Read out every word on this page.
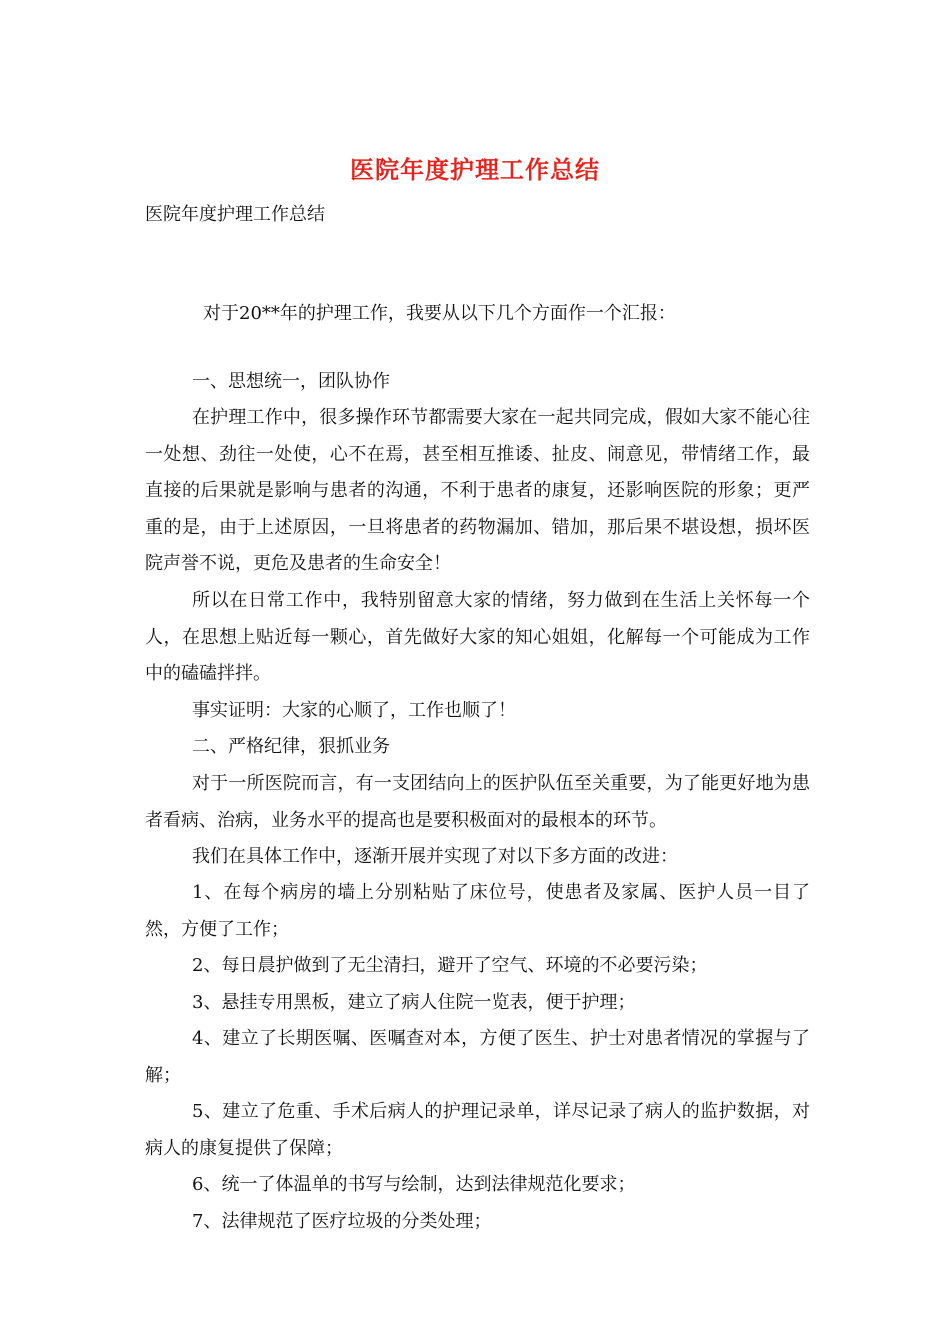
医院年度护理工作总结
医院年度护理工作总结

对于20**年的护理工作，我要从以下几个方面作一个汇报：

一、思想统一，团队协作

在护理工作中，很多操作环节都需要大家在一起共同完成，假如大家不能心往一处想、劲往一处使，心不在焉，甚至相互推诿、扯皮、闹意见，带情绪工作，最直接的后果就是影响与患者的沟通，不利于患者的康复，还影响医院的形象；更严重的是，由于上述原因，一旦将患者的药物漏加、错加，那后果不堪设想，损坏医院声誉不说，更危及患者的生命安全！

所以在日常工作中，我特别留意大家的情绪，努力做到在生活上关怀每一个人，在思想上贴近每一颗心，首先做好大家的知心姐姐，化解每一个可能成为工作中的磕磕拌拌。

事实证明：大家的心顺了，工作也顺了！

二、严格纪律，狠抓业务

对于一所医院而言，有一支团结向上的医护队伍至关重要，为了能更好地为患者看病、治病，业务水平的提高也是要积极面对的最根本的环节。

我们在具体工作中，逐渐开展并实现了对以下多方面的改进：

1、在每个病房的墙上分别粘贴了床位号，使患者及家属、医护人员一目了然，方便了工作；

2、每日晨护做到了无尘清扫，避开了空气、环境的不必要污染；

3、悬挂专用黑板，建立了病人住院一览表，便于护理；

4、建立了长期医嘱、医嘱查对本，方便了医生、护士对患者情况的掌握与了解；

5、建立了危重、手术后病人的护理记录单，详尽记录了病人的监护数据，对病人的康复提供了保障；

6、统一了体温单的书写与绘制，达到法律规范化要求；

7、法律规范了医疗垃圾的分类处理；
